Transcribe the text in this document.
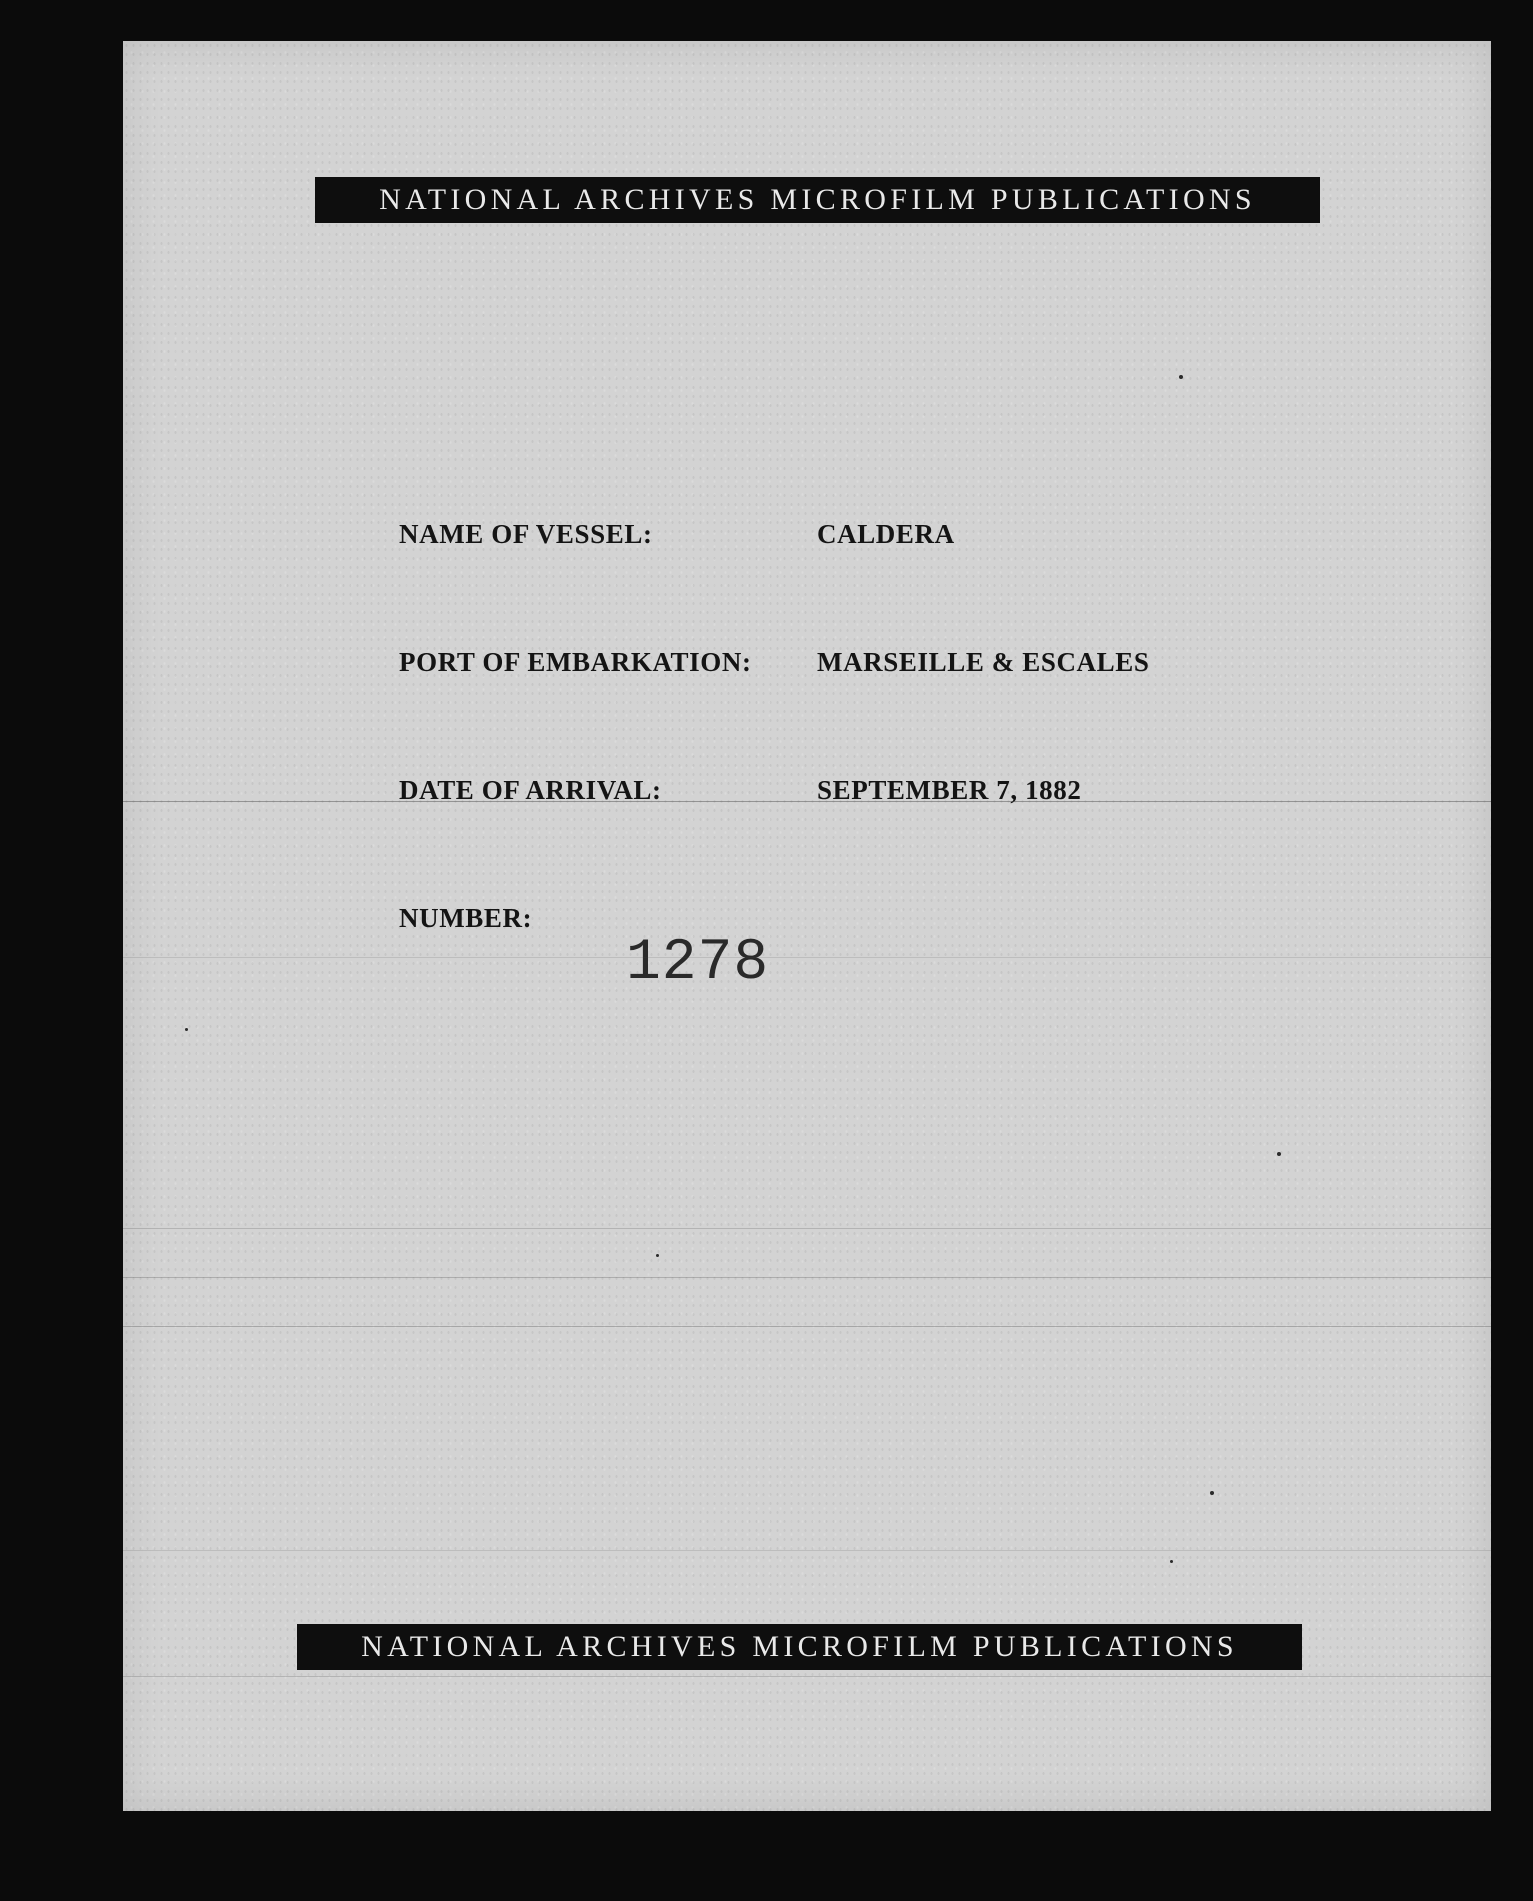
NATIONAL ARCHIVES MICROFILM PUBLICATIONS
NAME OF VESSEL:	CALDERA
PORT OF EMBARKATION: MARSEILLE & ESCALES
DATE OF ARRIVAL:	SEPTEMBER 7, 1882
NUMBER:
1278
NATIONAL ARCHIVES MICROFILM PUBLICATIONS
